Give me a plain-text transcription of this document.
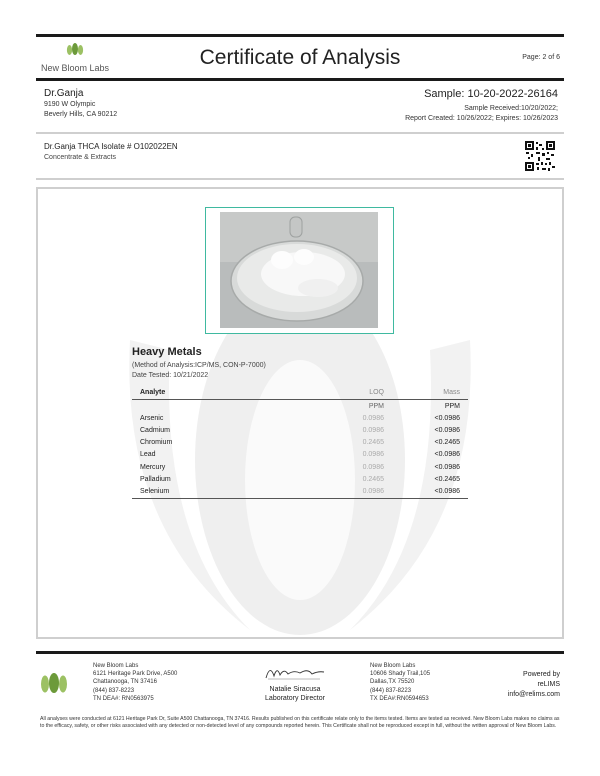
New Bloom Labs	Certificate of Analysis	Page: 2 of 6
Dr.Ganja
9190 W Olympic
Beverly Hills, CA 90212
Sample: 10-20-2022-26164
Sample Received:10/20/2022;
Report Created: 10/26/2022; Expires: 10/26/2023
Dr.Ganja THCA Isolate # O102022EN
Concentrate & Extracts
Heavy Metals
(Method of Analysis:ICP/MS, CON-P-7000)
Date Tested: 10/21/2022
Analyte	LOQ	Mass
	PPM	PPM
Arsenic	0.0986	<0.0986
Cadmium	0.0986	<0.0986
Chromium	0.2465	<0.2465
Lead	0.0986	<0.0986
Mercury	0.0986	<0.0986
Palladium	0.2465	<0.2465
Selenium	0.0986	<0.0986
New Bloom Labs
6121 Heritage Park Drive, A500
Chattanooga, TN 37416
(844) 837-8223
TN DEA#: RN0563975
Natalie Siracusa
Laboratory Director
New Bloom Labs
10606 Shady Trail,105
Dallas,TX 75520
(844) 837-8223
TX DEA#:RN0594653
Powered by
reLIMS
info@relims.com
All analyses were conducted at 6121 Heritage Park Dr, Suite A500 Chattanooga, TN 37416. Results published on this certificate relate only to the items tested. Items are tested as received. New Bloom Labs makes no claims as to the efficacy, safety, or other risks associated with any detected or non-detected level of any compounds reported herein. This Certificate shall not be reproduced except in full, without the written approval of New Bloom Labs.
